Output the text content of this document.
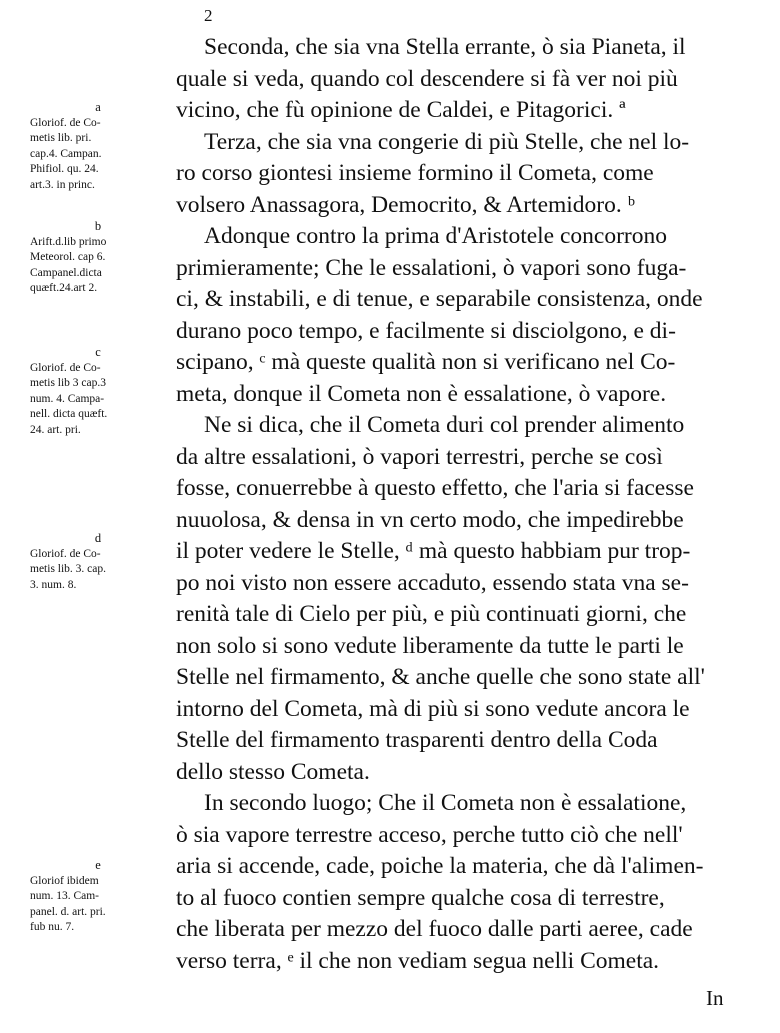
2
a
Gloriof. de Co-
metis lib. pri.
cap.4. Campan.
Phifiol. qu. 24.
art.3. in princ.
b
Arift.d.lib primo
Meteorol. cap 6.
Campanel.dicta
quæft.24.art 2.
c
Gloriof. de Co-
metis lib 3 cap.3
num. 4. Campa-
nell. dicta quæft.
24. art. pri.
d
Gloriof. de Co-
metis lib. 3. cap.
3. num. 8.
e
Gloriof ibidem
num. 13. Cam-
panel. d. art. pri.
fub nu. 7.
Seconda, che sia vna Stella errante, ò sia Pianeta, il
quale si veda, quando col descendere si fà ver noi più
vicino, che fù opinione de Caldei, e Pitagorici. ª
Terza, che sia vna congerie di più Stelle, che nel lo-
ro corso giontesi insieme formino il Cometa, come
volsero Anassagora, Democrito, & Artemidoro. ᵇ
Adonque contro la prima d'Aristotele concorrono
primieramente; Che le essalationi, ò vapori sono fuga-
ci, & instabili, e di tenue, e separabile consistenza, onde
durano poco tempo, e facilmente si disciolgono, e di-
scipano, ᶜ mà queste qualità non si verificano nel Co-
meta, donque il Cometa non è essalatione, ò vapore.
Ne si dica, che il Cometa duri col prender alimento
da altre essalationi, ò vapori terrestri, perche se così
fosse, conuerrebbe à questo effetto, che l'aria si facesse
nuuolosa, & densa in vn certo modo, che impedirebbe
il poter vedere le Stelle, ᵈ mà questo habbiam pur trop-
po noi visto non essere accaduto, essendo stata vna se-
renità tale di Cielo per più, e più continuati giorni, che
non solo si sono vedute liberamente da tutte le parti le
Stelle nel firmamento, & anche quelle che sono state all'
intorno del Cometa, mà di più si sono vedute ancora le
Stelle del firmamento trasparenti dentro della Coda
dello stesso Cometa.
In secondo luogo; Che il Cometa non è essalatione,
ò sia vapore terrestre acceso, perche tutto ciò che nell'
aria si accende, cade, poiche la materia, che dà l'alimen-
to al fuoco contien sempre qualche cosa di terrestre,
che liberata per mezzo del fuoco dalle parti aeree, cade
verso terra, ᵉ il che non vediam segua nelli Cometa.
In
